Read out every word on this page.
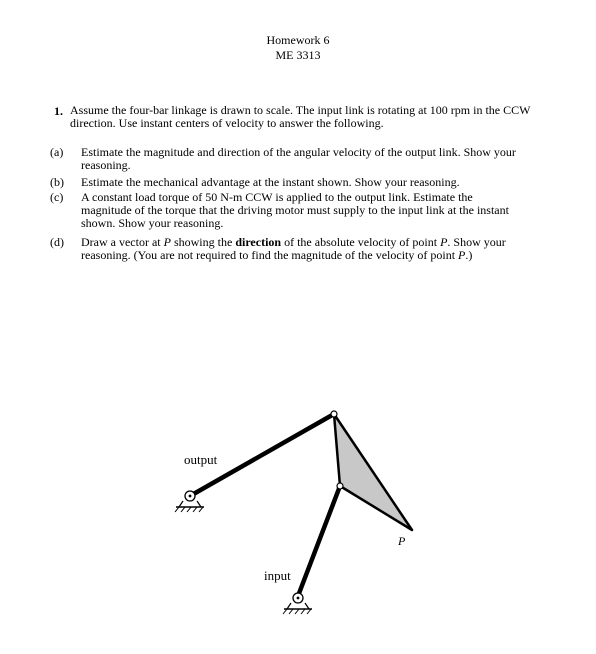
Homework 6
ME 3313
1. Assume the four-bar linkage is drawn to scale. The input link is rotating at 100 rpm in the CCW
direction. Use instant centers of velocity to answer the following.
(a) Estimate the magnitude and direction of the angular velocity of the output link. Show your
reasoning.
(b) Estimate the mechanical advantage at the instant shown. Show your reasoning.
(c) A constant load torque of 50 N-m CCW is applied to the output link. Estimate the
magnitude of the torque that the driving motor must supply to the input link at the instant
shown. Show your reasoning.
(d) Draw a vector at P showing the direction of the absolute velocity of point P. Show your
reasoning. (You are not required to find the magnitude of the velocity of point P.)
output
input
P
